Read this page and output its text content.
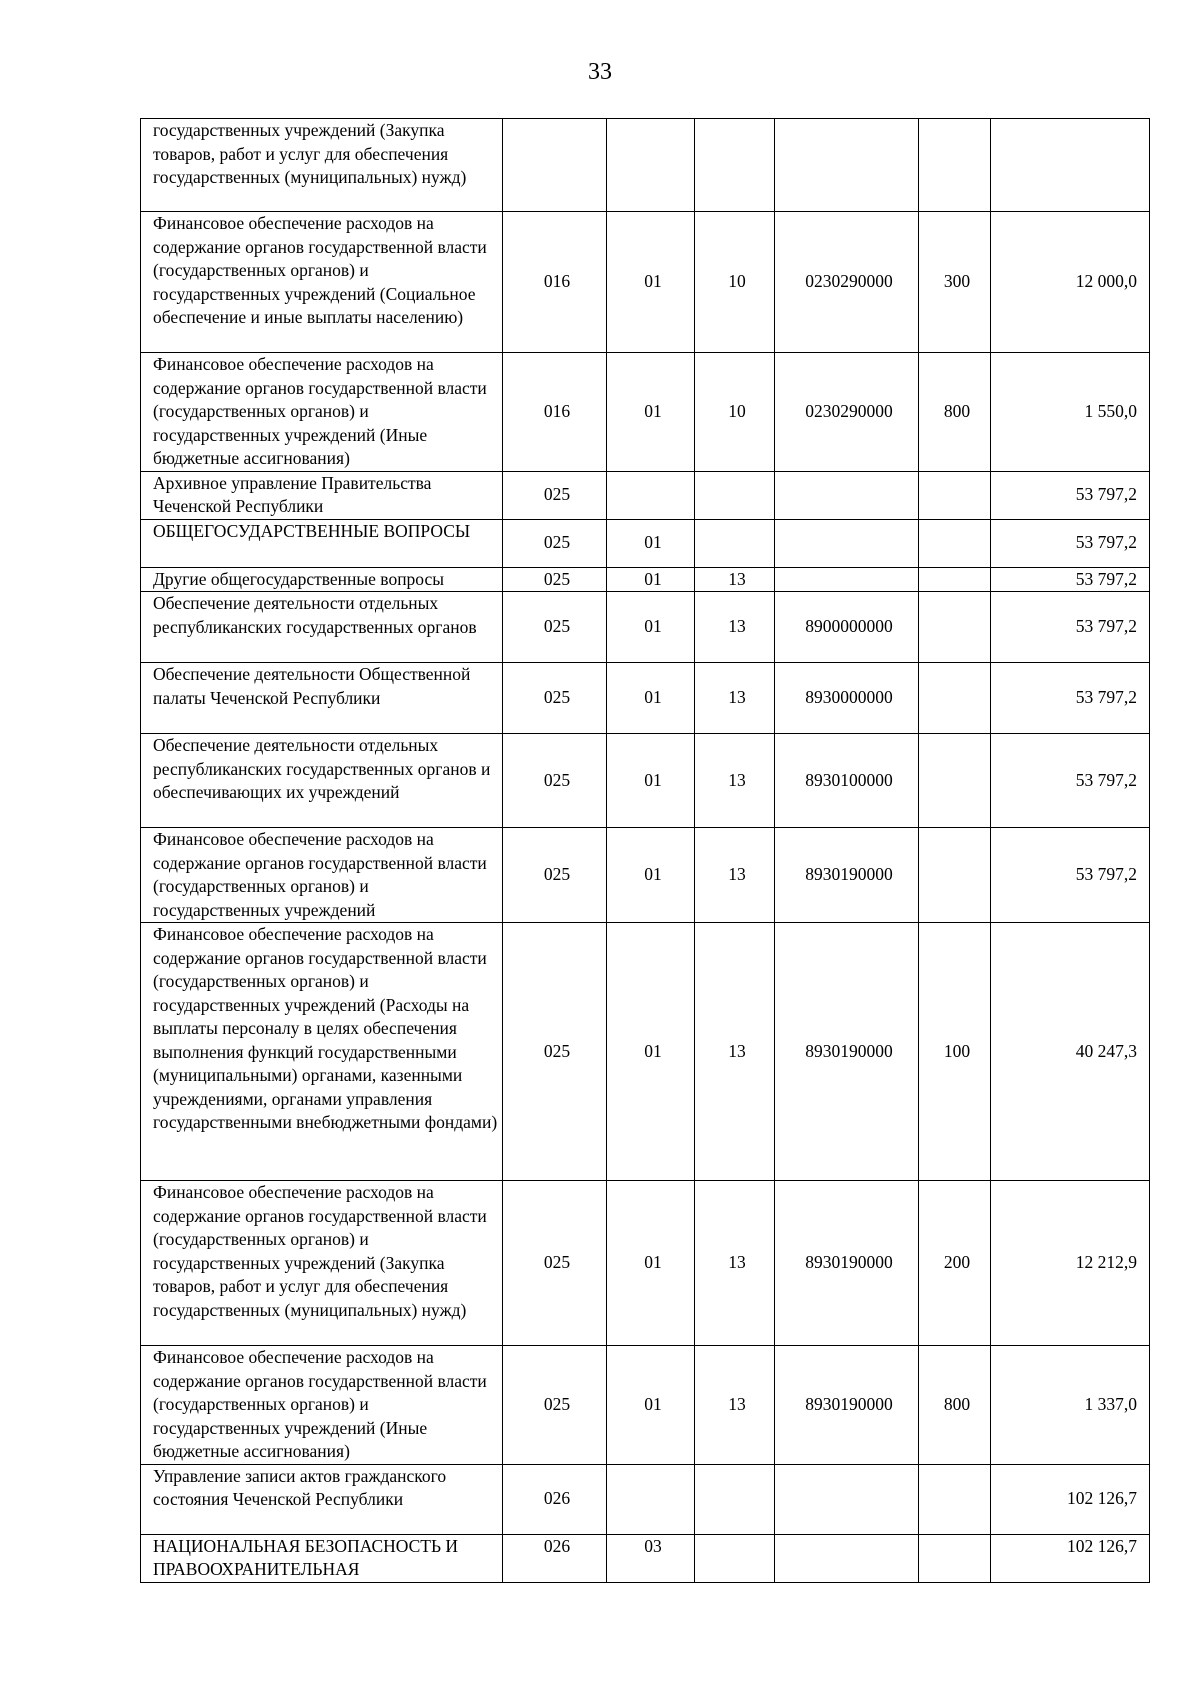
33
государственных учреждений (Закупка товаров, работ и услуг для обеспечения государственных (муниципальных) нужд)						
Финансовое обеспечение расходов на содержание органов государственной власти (государственных органов) и государственных учреждений (Социальное обеспечение и иные выплаты населению)	016	01	10	0230290000	300	12 000,0
Финансовое обеспечение расходов на содержание органов государственной власти (государственных органов) и государственных учреждений (Иные бюджетные ассигнования)	016	01	10	0230290000	800	1 550,0
Архивное управление Правительства Чеченской Республики	025					53 797,2
ОБЩЕГОСУДАРСТВЕННЫЕ ВОПРОСЫ	025	01				53 797,2
Другие общегосударственные вопросы	025	01	13			53 797,2
Обеспечение деятельности отдельных республиканских государственных органов	025	01	13	8900000000		53 797,2
Обеспечение деятельности Общественной палаты Чеченской Республики	025	01	13	8930000000		53 797,2
Обеспечение деятельности отдельных республиканских государственных органов и обеспечивающих их учреждений	025	01	13	8930100000		53 797,2
Финансовое обеспечение расходов на содержание органов государственной власти (государственных органов) и государственных учреждений	025	01	13	8930190000		53 797,2
Финансовое обеспечение расходов на содержание органов государственной власти (государственных органов) и государственных учреждений (Расходы на выплаты персоналу в целях обеспечения выполнения функций государственными (муниципальными) органами, казенными учреждениями, органами управления государственными внебюджетными фондами)	025	01	13	8930190000	100	40 247,3
Финансовое обеспечение расходов на содержание органов государственной власти (государственных органов) и государственных учреждений (Закупка товаров, работ и услуг для обеспечения государственных (муниципальных) нужд)	025	01	13	8930190000	200	12 212,9
Финансовое обеспечение расходов на содержание органов государственной власти (государственных органов) и государственных учреждений (Иные бюджетные ассигнования)	025	01	13	8930190000	800	1 337,0
Управление записи актов гражданского состояния Чеченской Республики	026					102 126,7
НАЦИОНАЛЬНАЯ БЕЗОПАСНОСТЬ И ПРАВООХРАНИТЕЛЬНАЯ	026	03				102 126,7
